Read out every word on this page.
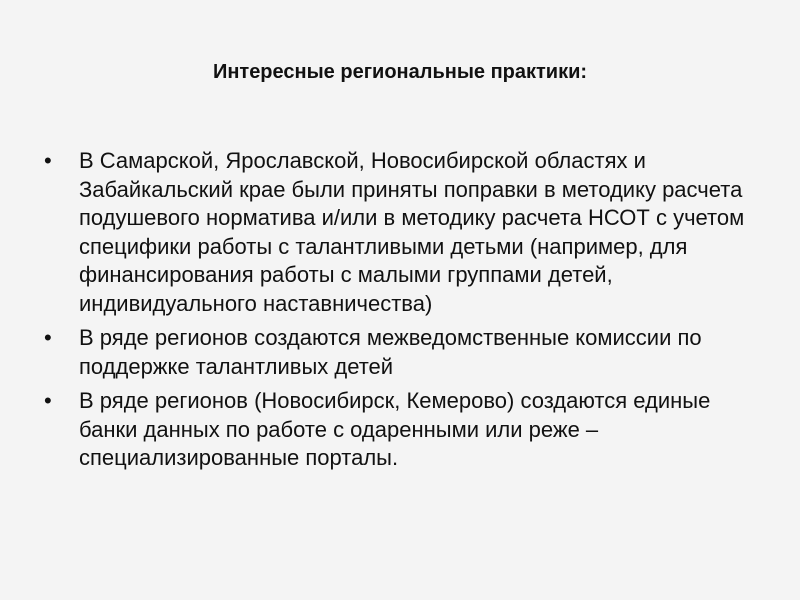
Интересные региональные практики:
•	В Самарской, Ярославской, Новосибирской областях и Забайкальский крае были приняты поправки в методику расчета подушевого норматива и/или в методику расчета НСОТ с учетом специфики работы с талантливыми детьми (например, для финансирования работы с малыми группами детей, индивидуального наставничества)
•	В ряде регионов создаются межведомственные комиссии по поддержке талантливых детей
•	В ряде регионов (Новосибирск, Кемерово) создаются единые банки данных по работе с одаренными или реже – специализированные порталы.
